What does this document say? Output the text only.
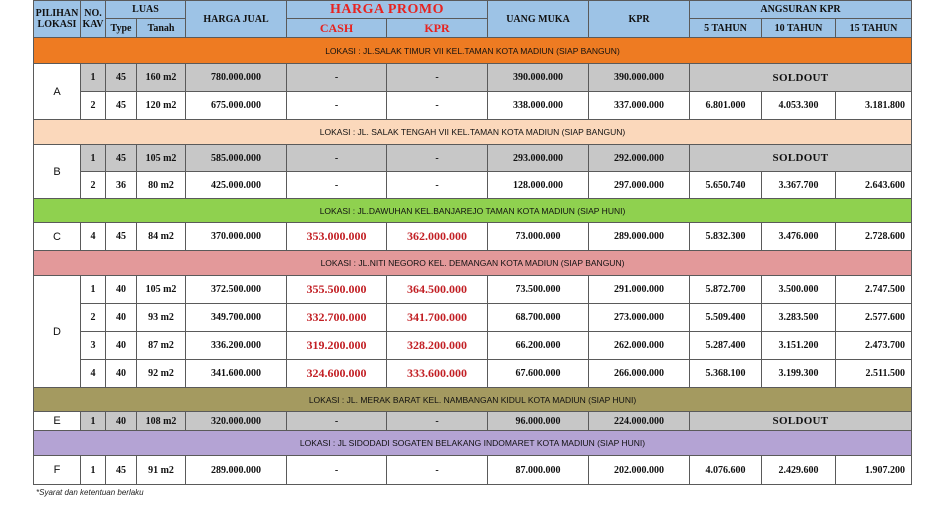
PILIHAN LOKASI	NO. KAV	LUAS		HARGA JUAL	HARGA PROMO		UANG MUKA	KPR	ANGSURAN KPR		
		Type	Tanah		CASH	KPR			5 TAHUN	10 TAHUN	15 TAHUN
LOKASI : JL.SALAK TIMUR VII KEL.TAMAN KOTA MADIUN (SIAP BANGUN)											
A	1	45	160 m2	780.000.000	-	-	390.000.000	390.000.000	SOLDOUT		
	2	45	120 m2	675.000.000	-	-	338.000.000	337.000.000	6.801.000	4.053.300	3.181.800
LOKASI : JL. SALAK TENGAH VII KEL.TAMAN KOTA MADIUN (SIAP BANGUN)											
B	1	45	105 m2	585.000.000	-	-	293.000.000	292.000.000	SOLDOUT		
	2	36	80 m2	425.000.000	-	-	128.000.000	297.000.000	5.650.740	3.367.700	2.643.600
LOKASI : JL.DAWUHAN KEL.BANJAREJO TAMAN KOTA MADIUN (SIAP HUNI)											
C	4	45	84 m2	370.000.000	353.000.000	362.000.000	73.000.000	289.000.000	5.832.300	3.476.000	2.728.600
LOKASI : JL.NITI NEGORO KEL. DEMANGAN KOTA MADIUN (SIAP BANGUN)											
D	1	40	105 m2	372.500.000	355.500.000	364.500.000	73.500.000	291.000.000	5.872.700	3.500.000	2.747.500
	2	40	93 m2	349.700.000	332.700.000	341.700.000	68.700.000	273.000.000	5.509.400	3.283.500	2.577.600
	3	40	87 m2	336.200.000	319.200.000	328.200.000	66.200.000	262.000.000	5.287.400	3.151.200	2.473.700
	4	40	92 m2	341.600.000	324.600.000	333.600.000	67.600.000	266.000.000	5.368.100	3.199.300	2.511.500
LOKASI : JL. MERAK BARAT KEL. NAMBANGAN KIDUL KOTA MADIUN (SIAP HUNI)											
E	1	40	108 m2	320.000.000	-	-	96.000.000	224.000.000	SOLDOUT		
LOKASI : JL SIDODADI SOGATEN BELAKANG INDOMARET KOTA MADIUN (SIAP HUNI)											
F	1	45	91 m2	289.000.000	-	-	87.000.000	202.000.000	4.076.600	2.429.600	1.907.200
*Syarat dan ketentuan berlaku
